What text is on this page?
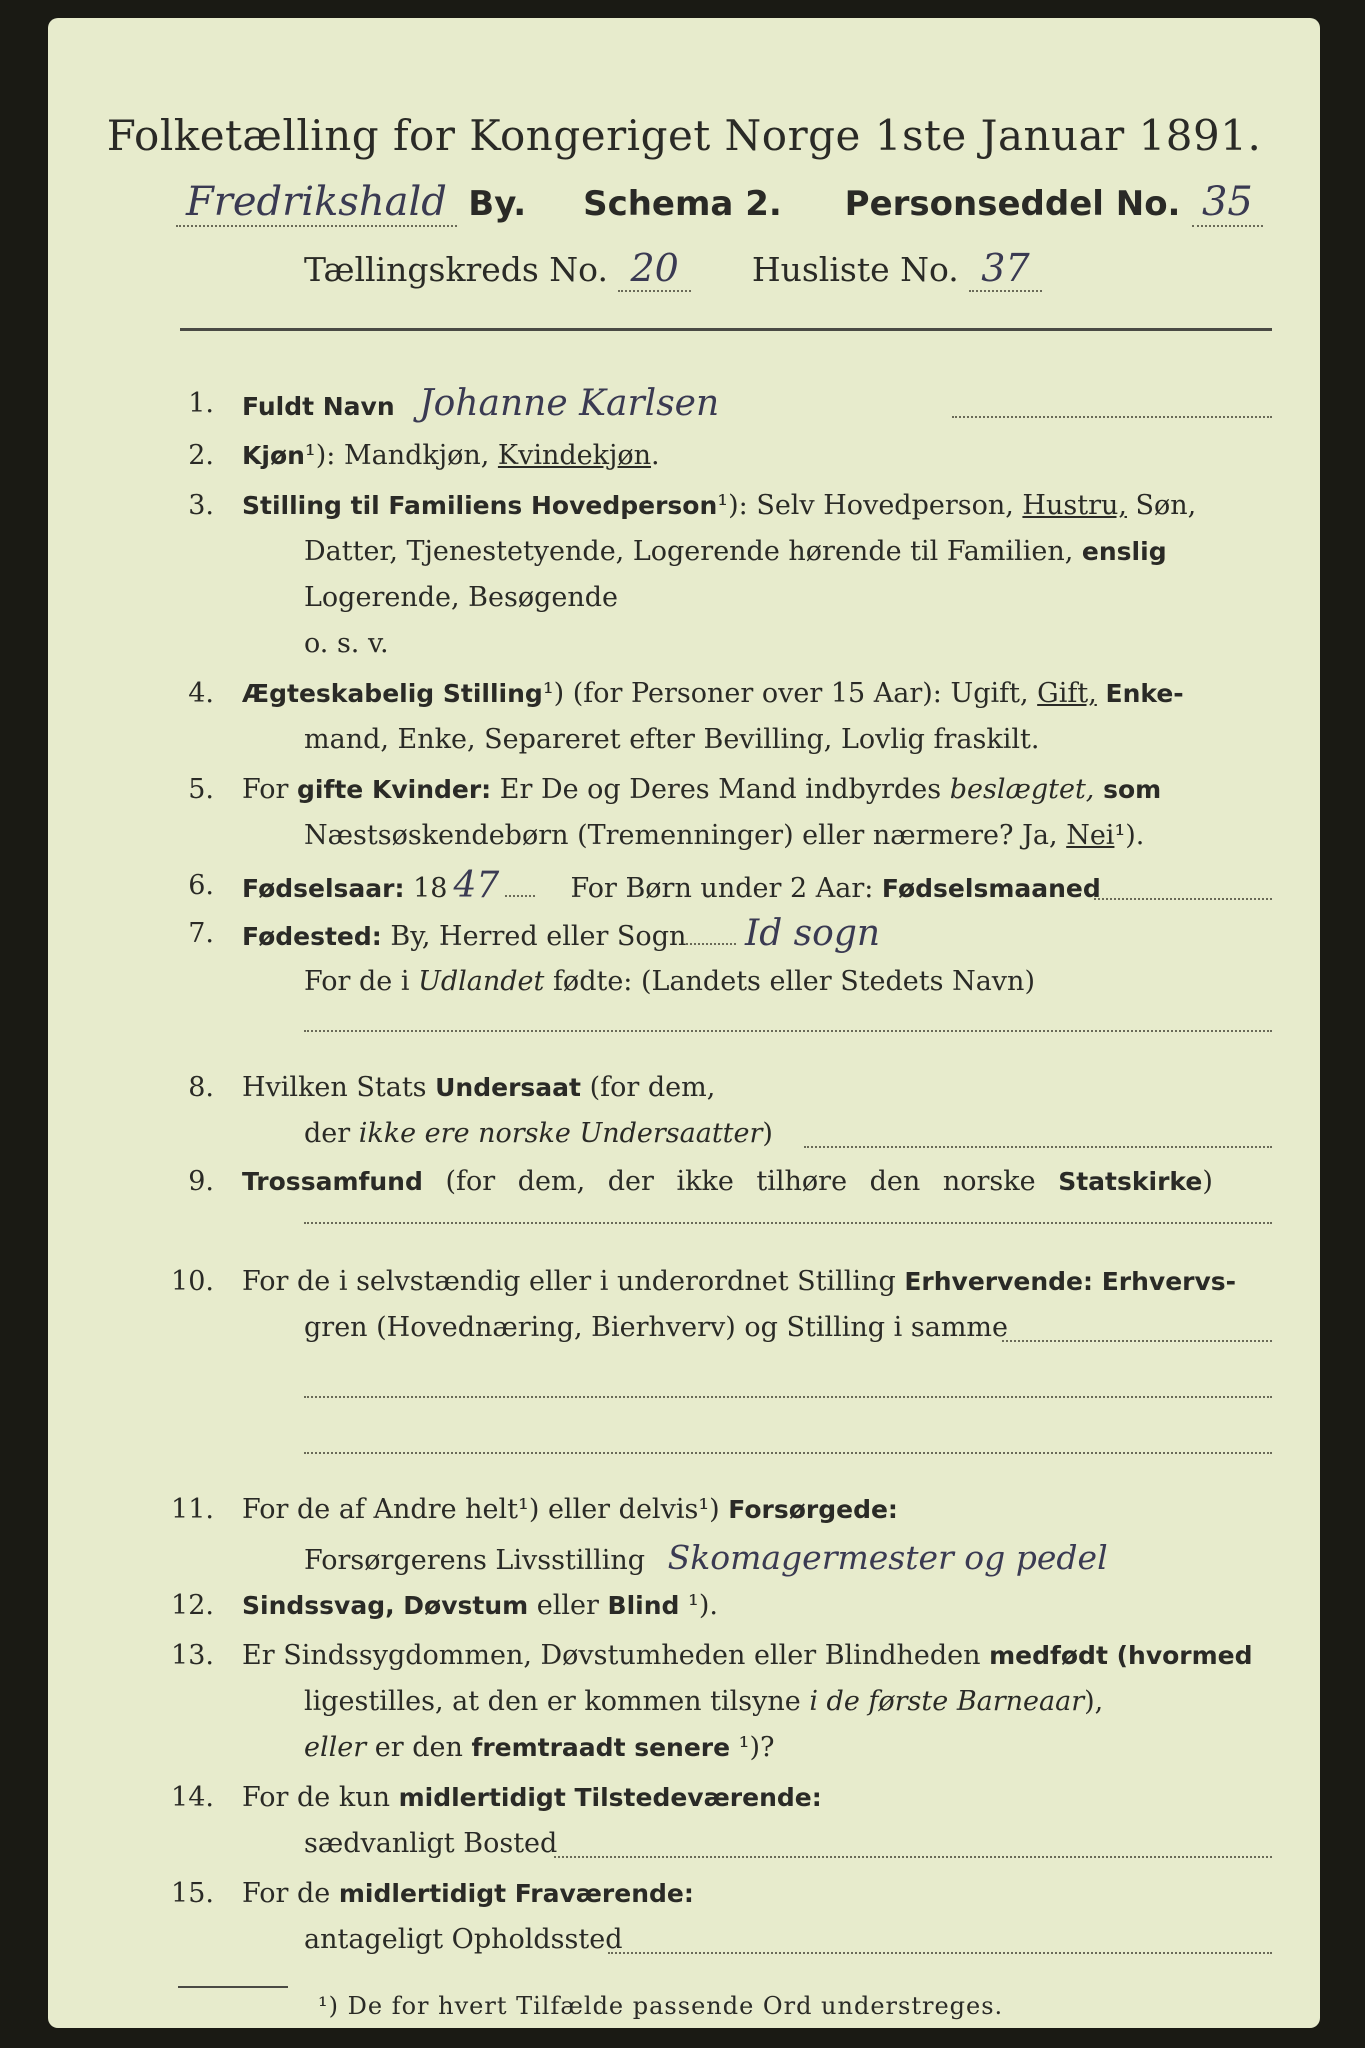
Folketælling for Kongeriget Norge 1ste Januar 1891.
Fredrikshald By. Schema 2. Personseddel No. 35
Tællingskreds No. 20 Husliste No. 37
1. Fuldt Navn Johanne Karlsen
2. Kjøn¹): Mandkjøn, Kvindekjøn.
3. Stilling til Familiens Hovedperson¹): Selv Hovedperson, Hustru, Søn,
Datter, Tjenestetyende, Logerende hørende til Familien, enslig
Logerende, Besøgende
o. s. v.
4. Ægteskabelig Stilling¹) (for Personer over 15 Aar): Ugift, Gift, Enke-
mand, Enke, Separeret efter Bevilling, Lovlig fraskilt.
5. For gifte Kvinder: Er De og Deres Mand indbyrdes beslægtet, som
Næstsøskendebørn (Tremenninger) eller nærmere? Ja, Nei¹).
6. Fødselsaar: 18 47	For Børn under 2 Aar: Fødselsmaaned
7. Fødested: By, Herred eller Sogn Id sogn
For de i Udlandet fødte: (Landets eller Stedets Navn)
8. Hvilken Stats Undersaat (for dem,
der ikke ere norske Undersaatter)
9. Trossamfund (for dem, der ikke tilhøre den norske Statskirke)
10. For de i selvstændig eller i underordnet Stilling Erhvervende: Erhvervs-
gren (Hovednæring, Bierhverv) og Stilling i samme
11. For de af Andre helt¹) eller delvis¹) Forsørgede:
Forsørgerens Livsstilling Skomagermester og pedel
12. Sindssvag, Døvstum eller Blind ¹).
13. Er Sindssygdommen, Døvstumheden eller Blindheden medfødt (hvormed
ligestilles, at den er kommen tilsyne i de første Barneaar),
eller er den fremtraadt senere ¹)?
14. For de kun midlertidigt Tilstedeværende:
sædvanligt Bosted
15. For de midlertidigt Fraværende:
antageligt Opholdssted
¹) De for hvert Tilfælde passende Ord understreges.
